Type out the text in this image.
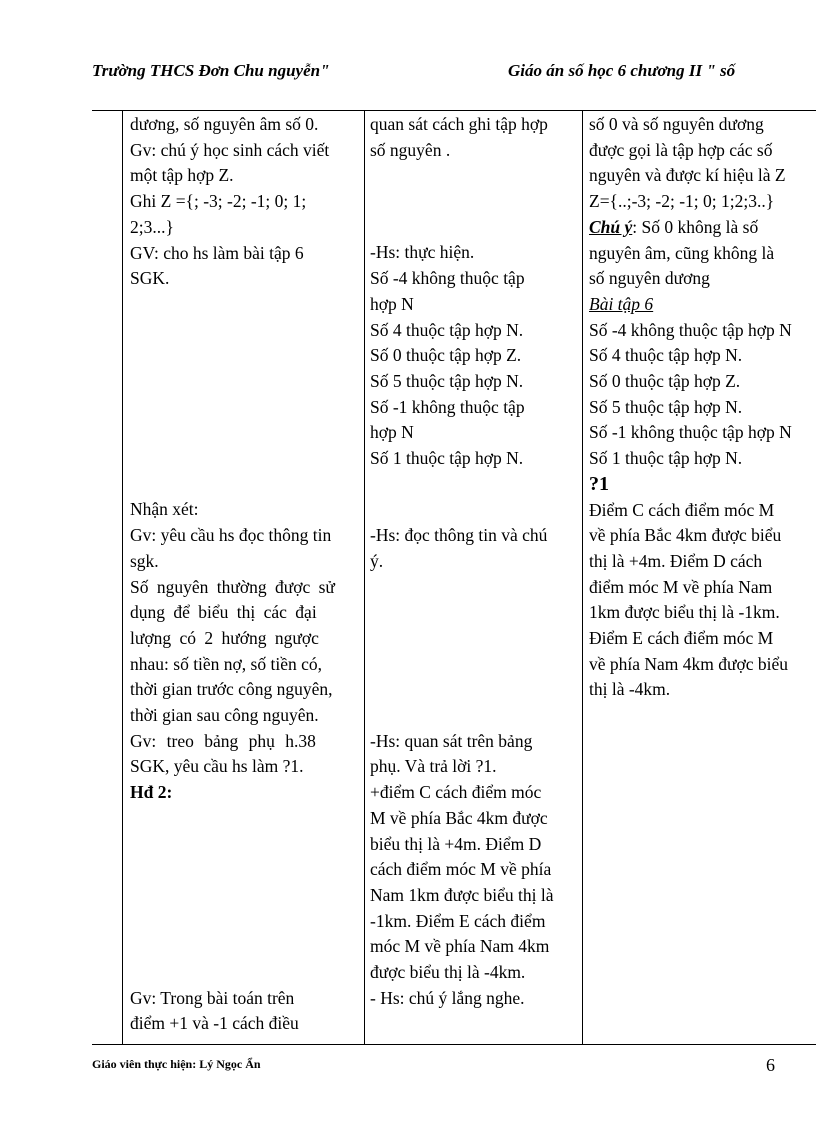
Trường THCS Đơn Chu nguyễn"	Giáo án số học 6 chương II " số
dương, số nguyên âm số 0.
Gv: chú ý học sinh cách viết
một tập hợp Z.
Ghi Z ={; -3; -2; -1; 0; 1;
2;3...}
GV: cho hs làm bài tập 6
SGK.
Nhận xét:
Gv: yêu cầu hs đọc thông tin
sgk.
Số nguyên thường được sử
dụng để biểu thị các đại
lượng có 2 hướng ngược
nhau: số tiền nợ, số tiền có,
thời gian trước công nguyên,
thời gian sau công nguyên.
Gv: treo bảng phụ h.38
SGK, yêu cầu hs làm ?1.
Hđ 2:
Gv: Trong bài toán trên
điểm +1 và -1 cách điều
quan sát cách ghi tập hợp
số nguyên .
-Hs: thực hiện.
Số -4 không thuộc tập
hợp N
Số 4 thuộc tập hợp N.
Số 0 thuộc tập hợp Z.
Số 5 thuộc tập hợp N.
Số -1 không thuộc tập
hợp N
Số 1 thuộc tập hợp N.
-Hs: đọc thông tin và chú
ý.
-Hs: quan sát trên bảng
phụ. Và trả lời ?1.
+điểm C cách điểm móc
M về phía Bắc 4km được
biểu thị là +4m. Điểm D
cách điểm móc M về phía
Nam 1km được biểu thị là
-1km. Điểm E cách điểm
móc M về phía Nam 4km
được biểu thị là -4km.
- Hs: chú ý lắng nghe.
số 0 và số nguyên dương
được gọi là tập hợp các số
nguyên và được kí hiệu là Z
Z={..;-3; -2; -1; 0; 1;2;3..}
Chú ý: Số 0 không là số
nguyên âm, cũng không là
số nguyên dương
Bài tập 6
Số -4 không thuộc tập hợp N
Số 4 thuộc tập hợp N.
Số 0 thuộc tập hợp Z.
Số 5 thuộc tập hợp N.
Số -1 không thuộc tập hợp N
Số 1 thuộc tập hợp N.
?1
Điểm C cách điểm móc M
về phía Bắc 4km được biểu
thị là +4m. Điểm D cách
điểm móc M về phía Nam
1km được biểu thị là -1km.
Điểm E cách điểm móc M
về phía Nam 4km được biểu
thị là -4km.
Giáo viên thực hiện: Lý Ngọc Ẩn	6
